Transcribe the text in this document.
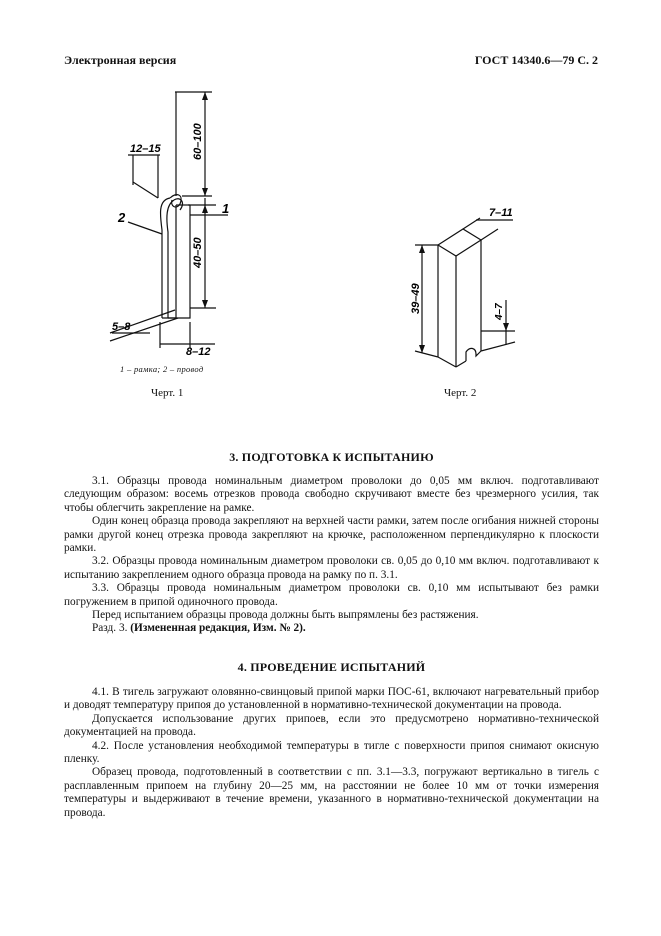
Электронная версия	ГОСТ 14340.6—79 С. 2
12–15	60–100
40–50
5–8
8–12
2
1	7–11
39–49	4–7
1 – рамка; 2 – провод
Черт. 1	Черт. 2
3. ПОДГОТОВКА К ИСПЫТАНИЮ

3.1. Образцы провода номинальным диаметром проволоки до 0,05 мм включ. подготавливают следующим образом: восемь отрезков провода свободно скручивают вместе без чрезмерного усилия, так чтобы облегчить закрепление на рамке.

Один конец образца провода закрепляют на верхней части рамки, затем после огибания нижней стороны рамки другой конец отрезка провода закрепляют на крючке, расположенном перпендикулярно к плоскости рамки.

3.2. Образцы провода номинальным диаметром проволоки св. 0,05 до 0,10 мм включ. подготавливают к испытанию закреплением одного образца провода на рамку по п. 3.1.

3.3. Образцы провода номинальным диаметром проволоки св. 0,10 мм испытывают без рамки погружением в припой одиночного провода.

Перед испытанием образцы провода должны быть выпрямлены без растяжения.

Разд. 3. (Измененная редакция, Изм. № 2).

4. ПРОВЕДЕНИЕ ИСПЫТАНИЙ

4.1. В тигель загружают оловянно-свинцовый припой марки ПОС-61, включают нагревательный прибор и доводят температуру припоя до установленной в нормативно-технической документации на провода.

Допускается использование других припоев, если это предусмотрено нормативно-технической документацией на провода.

4.2. После установления необходимой температуры в тигле с поверхности припоя снимают окисную пленку.

Образец провода, подготовленный в соответствии с пп. 3.1—3.3, погружают вертикально в тигель с расплавленным припоем на глубину 20—25 мм, на расстоянии не более 10 мм от точки измерения температуры и выдерживают в течение времени, указанного в нормативно-технической документации на провода.
